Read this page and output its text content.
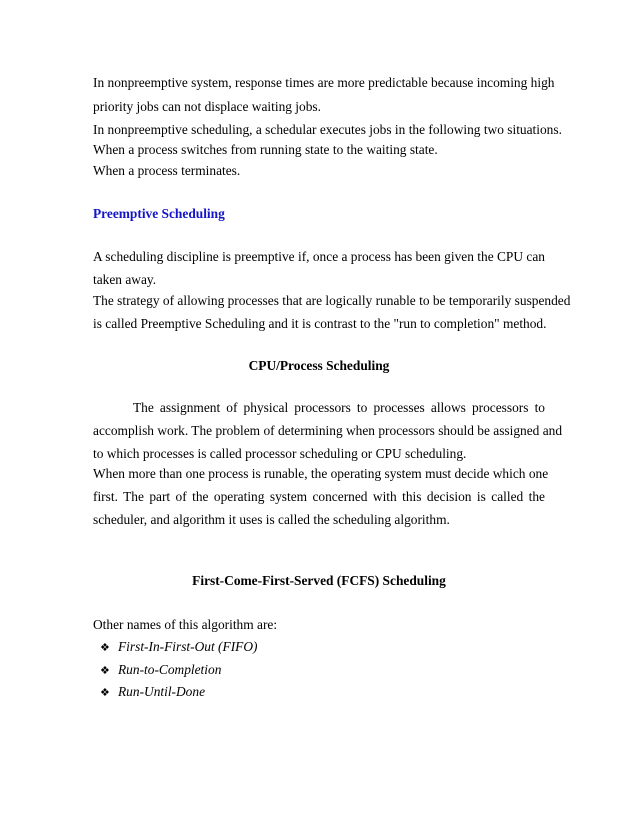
In nonpreemptive system, response times are more predictable because incoming high

priority jobs can not displace waiting jobs.

In nonpreemptive scheduling, a schedular executes jobs in the following two situations.

When a process switches from running state to the waiting state.

When a process terminates.

Preemptive Scheduling

A scheduling discipline is preemptive if, once a process has been given the CPU can

taken away.

The strategy of allowing processes that are logically runable to be temporarily suspended

is called Preemptive Scheduling and it is contrast to the "run to completion" method.

CPU/Process Scheduling

The assignment of physical processors to processes allows processors to

accomplish work. The problem of determining when processors should be assigned and

to which processes is called processor scheduling or CPU scheduling.

When more than one process is runable, the operating system must decide which one

first. The part of the operating system concerned with this decision is called the

scheduler, and algorithm it uses is called the scheduling algorithm.

First-Come-First-Served (FCFS) Scheduling

Other names of this algorithm are:

❖ First-In-First-Out (FIFO)

❖ Run-to-Completion

❖ Run-Until-Done
